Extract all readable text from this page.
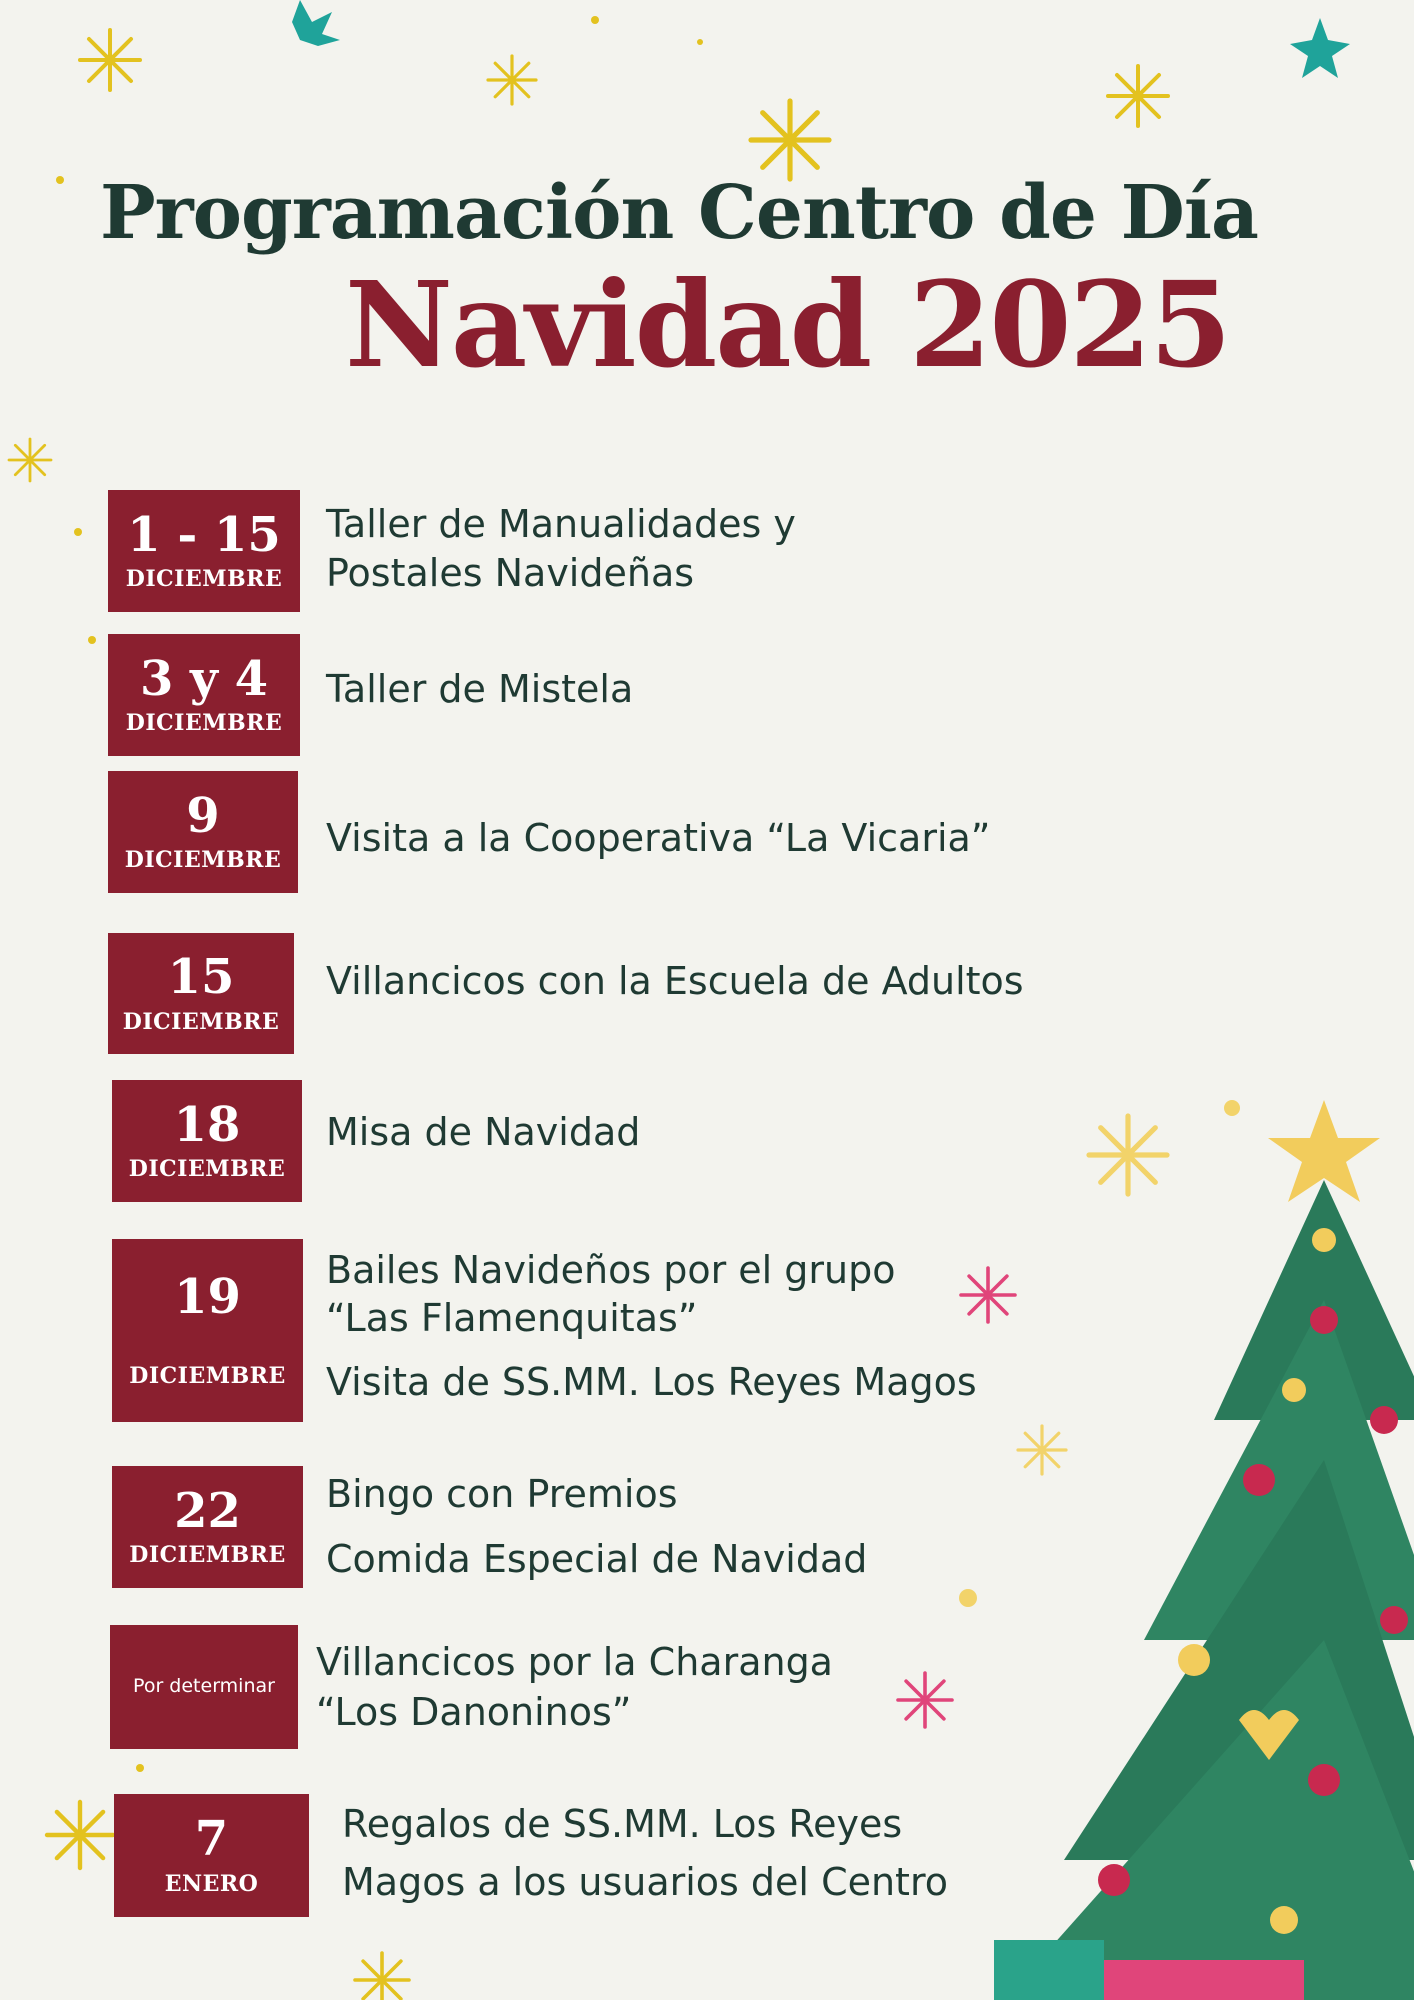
Programación Centro de Día
Navidad 2025
1 - 15
DICIEMBRE
Taller de Manualidades y
Postales Navideñas
3 y 4
DICIEMBRE
Taller de Mistela
9
DICIEMBRE
Visita a la Cooperativa “La Vicaria”
15
DICIEMBRE
Villancicos con la Escuela de Adultos
18
DICIEMBRE
Misa de Navidad
19
DICIEMBRE
Bailes Navideños por el grupo
“Las Flamenquitas”
Visita de SS.MM. Los Reyes Magos
22
DICIEMBRE
Bingo con Premios
Comida Especial de Navidad
Por determinar
Villancicos por la Charanga
“Los Danoninos”
7
ENERO
Regalos de SS.MM. Los Reyes
Magos a los usuarios del Centro
